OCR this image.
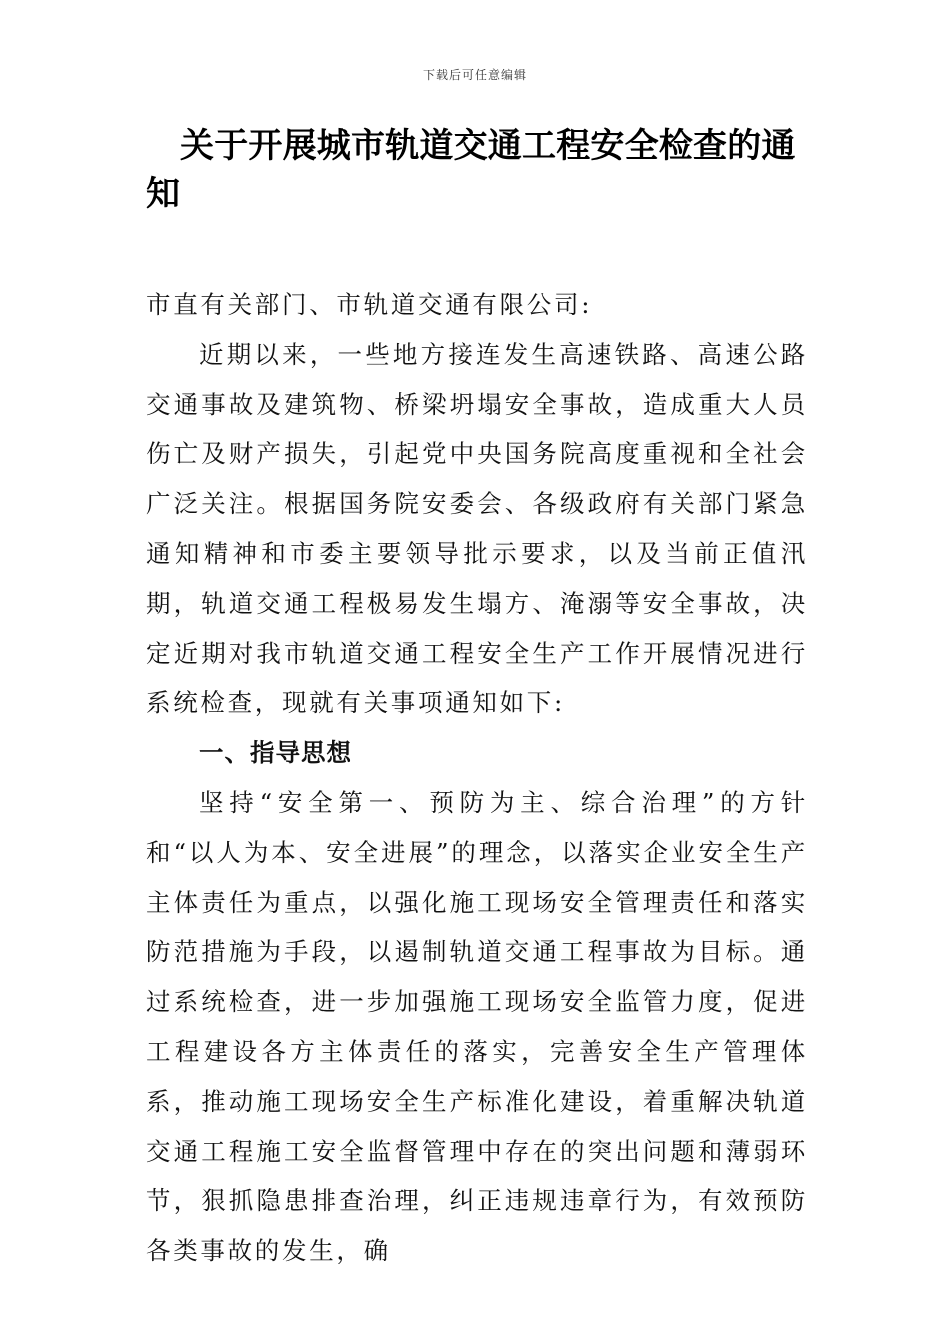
下载后可任意编辑
关于开展城市轨道交通工程安全检查的通知

市直有关部门、市轨道交通有限公司:

近期以来，一些地方接连发生高速铁路、高速公路交通事故及建筑物、桥梁坍塌安全事故，造成重大人员伤亡及财产损失，引起党中央国务院高度重视和全社会广泛关注。根据国务院安委会、各级政府有关部门紧急通知精神和市委主要领导批示要求，以及当前正值汛期，轨道交通工程极易发生塌方、淹溺等安全事故，决定近期对我市轨道交通工程安全生产工作开展情况进行系统检查，现就有关事项通知如下:

一、指导思想

坚持“安全第一、预防为主、综合治理”的方针和“以人为本、安全进展”的理念，以落实企业安全生产主体责任为重点，以强化施工现场安全管理责任和落实防范措施为手段，以遏制轨道交通工程事故为目标。通过系统检查，进一步加强施工现场安全监管力度，促进工程建设各方主体责任的落实，完善安全生产管理体系，推动施工现场安全生产标准化建设，着重解决轨道交通工程施工安全监督管理中存在的突出问题和薄弱环节，狠抓隐患排查治理，纠正违规违章行为，有效预防各类事故的发生，确
